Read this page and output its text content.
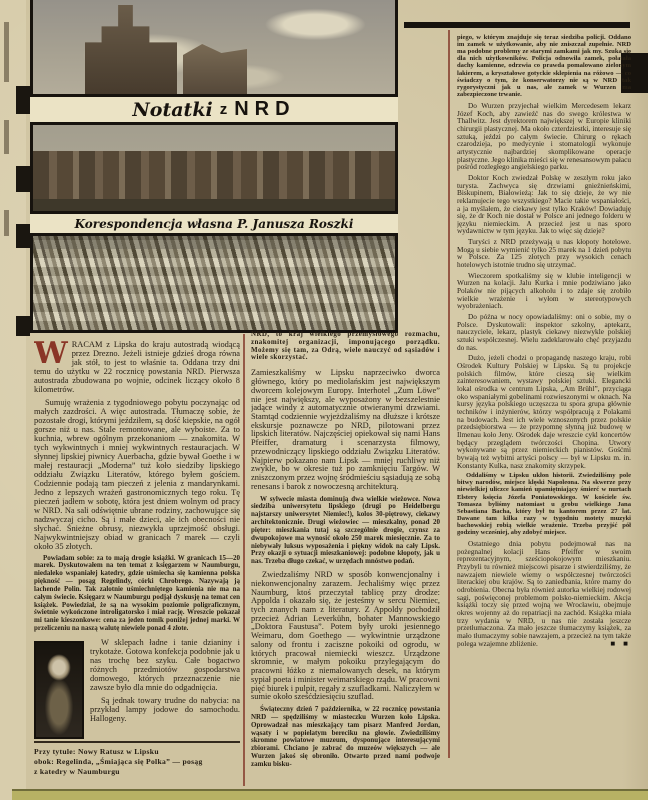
Notatki z NRD
Korespondencja własna P. Janusza Roszki

WRACAM z Lipska do kraju autostradą wiodącą przez Drezno. Jeżeli istnieje gdzieś droga równa jak stół, to jest to właśnie ta. Oddana trzy dni temu do użytku w 22 rocznicę powstania NRD. Pierwsza autostrada zbudowana po wojnie, odcinek liczący około 8 kilometrów.

Sumuję wrażenia z tygodniowego pobytu poczynając od małych zazdrości. A więc autostrada. Tłumaczę sobie, że pozostałe drogi, którymi jeździłem, są dość kiepskie, na ogół gorsze niż u nas. Stale remontowane, ale wyboiste. Za to kuchnia, wbrew ogólnym przekonaniom — znakomita. W tych wykwintnych i mniej wykwintnych restauracjach. W słynnej lipskiej piwnicy Auerbacha, gdzie bywał Goethe i w małej restauracji „Moderna” tuż koło siedziby lipskiego oddziału Związku Literatów, którego byłem gościem. Codziennie podają tam pieczeń z jelenia z mandarynkami. Jedno z lepszych wrażeń gastronomicznych tego roku. Tę pieczeń jadłem w sobotę, która jest dniem wolnym od pracy w NRD. Na sali odświętnie ubrane rodziny, zachowujące się nadzwyczaj cicho. Są i małe dzieci, ale ich obecności nie słychać. Śnieżne obrusy, niezwykła uprzejmość obsługi. Najwykwintniejszy obiad w granicach 7 marek — czyli około 35 złotych.

Powiadam sobie: za to mają drogie książki. W granicach 15—20 marek. Dyskutowałem na ten temat z księgarzem w Naumburgu, niedaleko wspaniałej katedry, gdzie uśmiecha się kamienna polska piękność — posąg Regelindy, córki Chrobrego. Nazywają ją lachende Polin. Tak zalotnie uśmiechniętego kamienia nie ma na całym świecie. Księgarz w Naumburgu podjął dyskusję na temat cen książek. Powiedział, że są na wysokim poziomie poligraficznym, świetnie wykończone introligatorsko i miał rację. Wreszcie pokazał mi tanie kieszonkowe: cena za jeden tomik poniżej jednej marki. W przeliczeniu na naszą walutę niewiele ponad 4 złote.

W sklepach ładne i tanie dzianiny i trykotaże. Gotowa konfekcja podobnie jak u nas trochę bez szyku. Całe bogactwo różnych przedmiotów gospodarstwa domowego, których przeznaczenie nie zawsze było dla mnie do odgadnięcia.

Są jednak towary trudne do nabycia: na przykład lampy jodowe do samochodu. Hallogeny.

Przy tytule: Nowy Ratusz w Lipsku
obok: Regelinda, „Śmiająca się Polka” — posąg
z katedry w Naumburgu

NRD, to kraj wielkiego przemysłowego rozmachu, znakomitej organizacji, imponującego porządku. Możemy się tam, za Odrą, wiele nauczyć od sąsiadów i wiele skorzystać.

Zamieszkaliśmy w Lipsku naprzeciwko dworca głównego, który po mediolańskim jest największym dworcem kolejowym Europy. Interhotel „Zum Löwe” nie jest największy, ale wyposażony w bezszelestnie jadące windy z automatycznie otwieranymi drzwiami. Stamtąd codziennie wyjeżdżaliśmy na dłuższe i krótsze ekskursje poznawcze po NRD, pilotowani przez lipskich literatów. Najczęściej opiekował się nami Hans Pfeiffer, dramaturg i scenarzysta filmowy, przewodniczący lipskiego oddziału Związku Literatów. Najpierw pokazano nam Lipsk — mniej ruchliwy niż zwykle, bo w okresie tuż po zamknięciu Targów. W zniszczonym przez wojnę śródmieściu sąsiadują ze sobą renesans i barok z nowoczesną architekturą.

W sylwecie miasta dominują dwa wielkie wieżowce. Nowa siedziba uniwersytetu lipskiego (drugi po Heidelbergu najstarszy uniwersytet Niemiec!), kolos 30-piętrowy, ciekawy architektonicznie. Drugi wieżowiec — mieszkalny, ponad 20 pięter: mieszkania tutaj są szczególnie drogie, czynsz za dwupokojowe ma wynosić około 250 marek miesięcznie. Za to niebywały luksus wyposażenia i piękny widok na cały Lipsk. Przy okazji o sytuacji mieszkaniowej: podobne kłopoty, jak u nas. Trzeba długo czekać, w urzędach mnóstwo podań.

Zwiedzaliśmy NRD w sposób konwencjonalny i niekonwencjonalny zarazem. Jechaliśmy więc przez Naumburg, ktoś przeczytał tablicę przy drodze: Appolda i okazało się, że jesteśmy w sercu Niemiec, tych znanych nam z literatury. Z Appoldy pochodził przecież Adrian Leverkühn, bohater Mannowskiego „Doktora Faustusa”. Potem były uroki jesiennego Weimaru, dom Goethego — wykwintnie urządzone salony od frontu i zaciszne pokoiki od ogrodu, w których pracował niemiecki wieszcz. Urządzone skromnie, w małym pokoiku przylegającym do pracowni łóżko z niemalowanych desek, na którym sypiał poeta i minister weimarskiego rządu. W pracowni pięć biurek i pulpit, regały z szufladkami. Naliczyłem w sumie około sześćdziesięciu szuflad.

Świąteczny dzień 7 października, w 22 rocznicę powstania NRD — spędziliśmy w miasteczku Wurzen koło Lipska. Oprowadzał nas mieszkający tam pisarz Manfred Jordan, wąsaty i w popielatym bereciku na głowie. Zwiedziliśmy skromne powiatowe muzeum, dysponujące interesującymi zbiorami. Chciano je zabrać do muzeów większych — ale Wurzen jakoś się obroniło. Otwarto przed nami podwoje zamku bisku-

piego, w którym znajduje się teraz siedziba policji. Oddano im zamek w użytkowanie, aby nie zniszczał zupełnie. NRD ma podobne problemy ze starymi zamkami jak my. Szuka się dla nich użytkowników. Policja odnowiła zamek, połatała dachy kamienne, odrzwia co prawda pomalowano zielonym lakierem, a kryształowe gotyckie sklepienia na różowo — co świadczy o tym, że konserwatorzy nie są w NRD tak rygorystyczni jak u nas, ale zamek w Wurzen ma zabezpieczone trwanie.

Do Wurzen przyjechał wielkim Mercedesem lekarz Józef Koch, aby zawieźć nas do swego królestwa w Thallwitz. Jest dyrektorem największej w Europie kliniki chirurgii plastycznej. Ma około czterdziestki, interesuje się sztuką, jeździ po całym świecie. Chirurg o rękach czarodzieja, po medycynie i stomatologii wykonuje artystycznie najbardziej skomplikowane operacje plastyczne. Jego klinika mieści się w renesansowym pałacu pośród rozległego angielskiego parku.

Doktor Koch zwiedzał Polskę w zeszłym roku jako turysta. Zachwyca się drzwiami gnieźnieńskimi, Biskupinem, Białowieżą: Jak to się dzieje, że wy nie reklamujecie tego wszystkiego? Macie takie wspaniałości, a ja myślałem, że ciekawy jest tylko Kraków! Dowiaduję się, że dr Koch nie dostał w Polsce ani jednego folderu w języku niemieckim. A przecież jest u nas sporo wydawnictw w tym języku. Jak to więc się dzieje?

Turyści z NRD przeżywają u nas kłopoty hotelowe. Mogą u siebie wymienić tylko 25 marek na 1 dzień pobytu w Polsce. Za 125 złotych przy wysokich cenach hotelowych istotnie trudno się utrzymać.

Wieczorem spotkaliśmy się w klubie inteligencji w Wurzen na kolacji. Jalu Kurka i mnie podziwiano jako Polaków nie pijących alkoholu i to zdaje się zrobiło wielkie wrażenie i wyłom w stereotypowych wyobrażeniach.

Do późna w nocy opowiadaliśmy: oni o sobie, my o Polsce. Dyskutowali: inspektor szkolny, aptekarz, nauczyciele, lekarz, plastyk ciekawy niezwykle polskiej sztuki współczesnej. Wielu zadeklarowało chęć przyjazdu do nas.

Dużo, jeżeli chodzi o propagandę naszego kraju, robi Ośrodek Kultury Polskiej w Lipsku. Są tu projekcje polskich filmów, które cieszą się wielkim zainteresowaniem, wystawy polskiej sztuki. Elegancki lokal ośrodka w centrum Lipska, „Am Brühl”, przyciąga oko wspaniałymi gobelinami rozwieszonymi w oknach. Na kursy języka polskiego uczęszcza tu spora grupa głównie techników i inżynierów, którzy współpracują z Polakami na budowach. Jest ich wiele wznoszonych przez polskie przedsiębiorstwa — że przypomnę słynną już budowę w Ilmenau koło Jeny. Ośrodek daje wreszcie cykl koncertów będący przeglądem twórczości Chopina. Utwory wykonywane są przez niemieckich pianistów. Gośćmi bywają też wybitni artyści polscy — był w Lipsku m. in. Konstanty Kulka, nasz znakomity skrzypek.

Oddaliśmy w Lipsku ukłon historii. Zwiedziliśmy pole bitwy narodów, miejsce klęski Napoleona. Na skwerze przy niewielkiej uliczce kamień upamiętniający śmierć w nurtach Elstery księcia Józefa Poniatowskiego. W kościele św. Tomasza byliśmy natomiast u grobu wielkiego Jana Sebastiana Bacha, który był tu kantorem przez 27 lat. Dawane tam kilka razy w tygodniu motety muzyki bachowskiej robią wielkie wrażenie. Trzeba przyjść pół godziny wcześniej, aby zdobyć miejsce.

Ostatniego dnia pobytu podejmował nas na pożegnalnej kolacji Hans Pfeiffer w swoim reprezentacyjnym, sześciopokojowym mieszkaniu. Przybyli tu również miejscowi pisarze i stwierdziliśmy, że nawzajem niewiele wiemy o współczesnej twórczości literackiej obu krajów. Są to zaniedbania, które mamy do odrobienia. Obecna była również autorka wielkiej rodowej sagi, poświęconej problemom polsko-niemieckim. Akcja książki toczy się przed wojną we Wrocławiu, obejmuje okres wojenny aż do repatriacji na zachód. Książka miała trzy wydania w NRD, u nas nie została jeszcze przetłumaczona. Za mało jeszcze tłumaczymy książek, za mało tłumaczymy sobie nawzajem, a przecież na tym także polega wzajemne zbliżenie.	■ ■
